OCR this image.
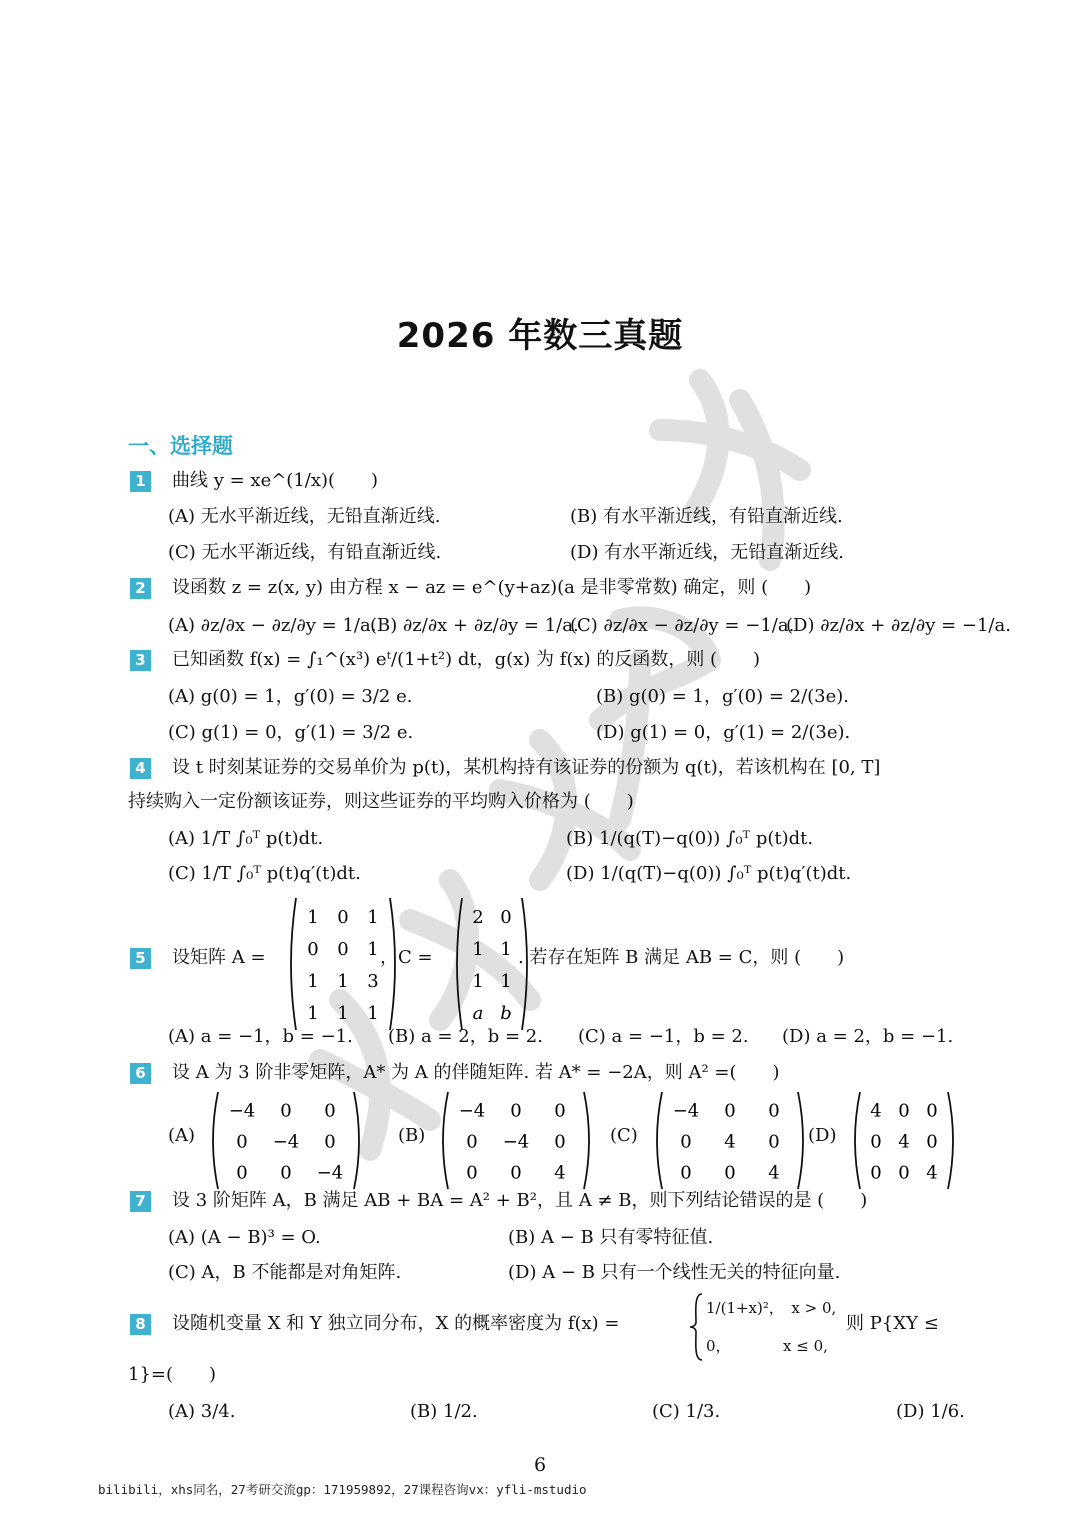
2026 年数三真题
一、选择题
1 曲线 y = xe^(1/x)(　　)
(A) 无水平渐近线，无铅直渐近线.	(B) 有水平渐近线，有铅直渐近线.
(C) 无水平渐近线，有铅直渐近线.	(D) 有水平渐近线，无铅直渐近线.
2 设函数 z = z(x, y) 由方程 x − az = e^(y+az)(a 是非零常数) 确定，则 (　　)
(A) ∂z/∂x − ∂z/∂y = 1/a.
(B) ∂z/∂x + ∂z/∂y = 1/a.
(C) ∂z/∂x − ∂z/∂y = −1/a.
(D) ∂z/∂x + ∂z/∂y = −1/a.
3 已知函数 f(x) = ∫₁^(x³) eᵗ/(1+t²) dt，g(x) 为 f(x) 的反函数，则 (　　)
(A) g(0) = 1，g′(0) = 3/2 e.	(B) g(0) = 1，g′(0) = 2/(3e).
(C) g(1) = 0，g′(1) = 3/2 e.	(D) g(1) = 0，g′(1) = 2/(3e).
4 设 t 时刻某证券的交易单价为 p(t)，某机构持有该证券的份额为 q(t)，若该机构在 [0, T]
持续购入一定份额该证券，则这些证券的平均购入价格为 (　　)
(A) 1/T ∫₀ᵀ p(t)dt.	(B) 1/(q(T)−q(0)) ∫₀ᵀ p(t)dt.
(C) 1/T ∫₀ᵀ p(t)q′(t)dt.	(D) 1/(q(T)−q(0)) ∫₀ᵀ p(t)q′(t)dt.
5 设矩阵 A =
1 0 1
0 0 1
1 1 3
1 1 1
，C =
2 0
1 1
1 1
a b
. 若存在矩阵 B 满足 AB = C，则 (　　)
(A) a = −1，b = −1. (B) a = 2，b = 2. (C) a = −1，b = 2. (D) a = 2，b = −1.
6 设 A 为 3 阶非零矩阵，A* 为 A 的伴随矩阵. 若 A* = −2A，则 A² =(　　)
(A)
−4 0 0
0 −4 0
0 0 −4
(B)
−4 0 0
0 −4 0
0 0 4
(C)
−4 0 0
0 4 0
0 0 4
(D)
4 0 0
0 4 0
0 0 4
7 设 3 阶矩阵 A，B 满足 AB + BA = A² + B²，且 A ≠ B，则下列结论错误的是 (　　)
(A) (A − B)³ = O.	(B) A − B 只有零特征值.
(C) A，B 不能都是对角矩阵.	(D) A − B 只有一个线性无关的特征向量.
8 设随机变量 X 和 Y 独立同分布，X 的概率密度为 f(x) =
1/(1+x)²，　x > 0,
0，　　　　x ≤ 0,
则 P{XY ≤
1}=(　　)
(A) 3/4.	(B) 1/2.	(C) 1/3.	(D) 1/6.
6
bilibili，xhs同名，27考研交流gp：171959892，27课程咨询vx：yfli-mstudio
